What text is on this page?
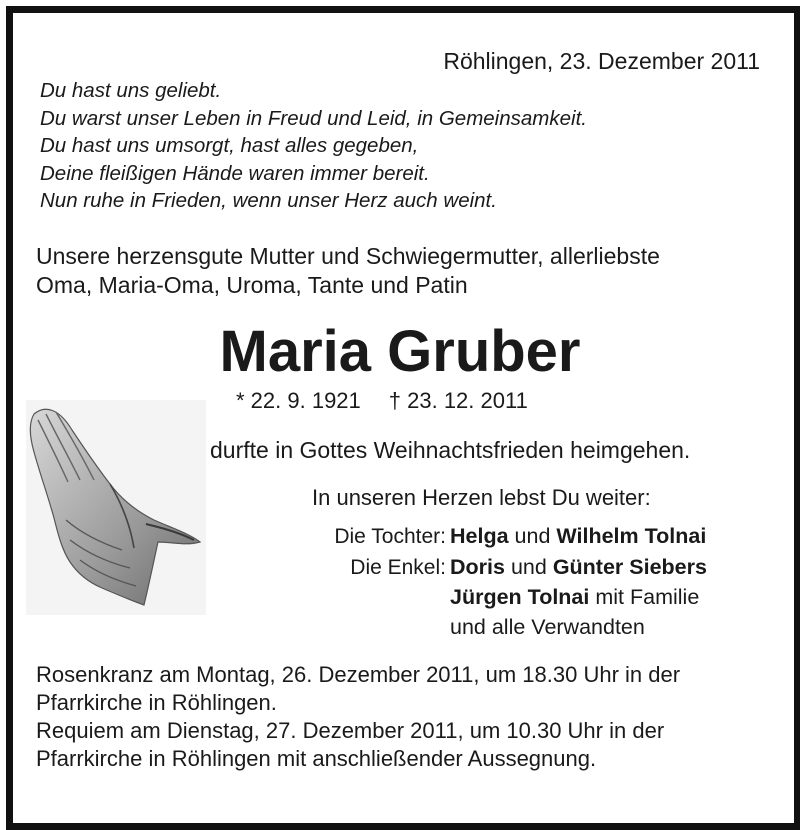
Röhlingen, 23. Dezember 2011
Du hast uns geliebt.
Du warst unser Leben in Freud und Leid, in Gemeinsamkeit.
Du hast uns umsorgt, hast alles gegeben,
Deine fleißigen Hände waren immer bereit.
Nun ruhe in Frieden, wenn unser Herz auch weint.
Unsere herzensgute Mutter und Schwiegermutter, allerliebste
Oma, Maria-Oma, Uroma, Tante und Patin
Maria Gruber
* 22. 9. 1921 † 23. 12. 2011
durfte in Gottes Weihnachtsfrieden heimgehen.
In unseren Herzen lebst Du weiter:
Die Tochter: Helga und Wilhelm Tolnai
Die Enkel: Doris und Günter Siebers
Jürgen Tolnai mit Familie
und alle Verwandten
Rosenkranz am Montag, 26. Dezember 2011, um 18.30 Uhr in der
Pfarrkirche in Röhlingen.
Requiem am Dienstag, 27. Dezember 2011, um 10.30 Uhr in der
Pfarrkirche in Röhlingen mit anschließender Aussegnung.
